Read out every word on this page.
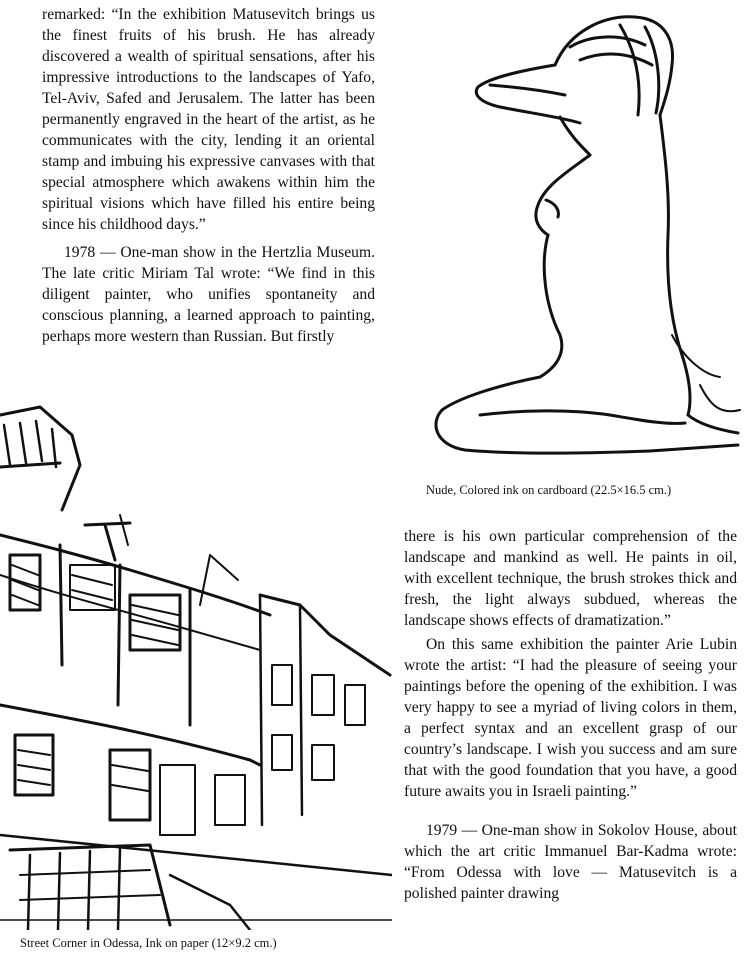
remarked: “In the exhibition Matusevitch brings us the finest fruits of his brush. He has already discovered a wealth of spiritual sensations, after his impressive introductions to the landscapes of Yafo, Tel-Aviv, Safed and Jerusalem. The latter has been permanently engraved in the heart of the artist, as he communicates with the city, lending it an oriental stamp and imbuing his expressive canvases with that special atmosphere which awakens within him the spiritual visions which have filled his entire being since his childhood days.”

1978 — One-man show in the Hertzlia Museum. The late critic Miriam Tal wrote: “We find in this diligent painter, who unifies spontaneity and conscious planning, a learned approach to painting, perhaps more western than Russian. But firstly

Nude, Colored ink on cardboard (22.5×16.5 cm.)
Street Corner in Odessa, Ink on paper (12×9.2 cm.)

there is his own particular comprehension of the landscape and mankind as well. He paints in oil, with excellent technique, the brush strokes thick and fresh, the light always subdued, whereas the landscape shows effects of dramatization.”

On this same exhibition the painter Arie Lubin wrote the artist: “I had the pleasure of seeing your paintings before the opening of the exhibition. I was very happy to see a myriad of living colors in them, a perfect syntax and an excellent grasp of our country’s landscape. I wish you success and am sure that with the good foundation that you have, a good future awaits you in Israeli painting.”

1979 — One-man show in Sokolov House, about which the art critic Immanuel Bar-Kadma wrote: “From Odessa with love — Matusevitch is a polished painter drawing
